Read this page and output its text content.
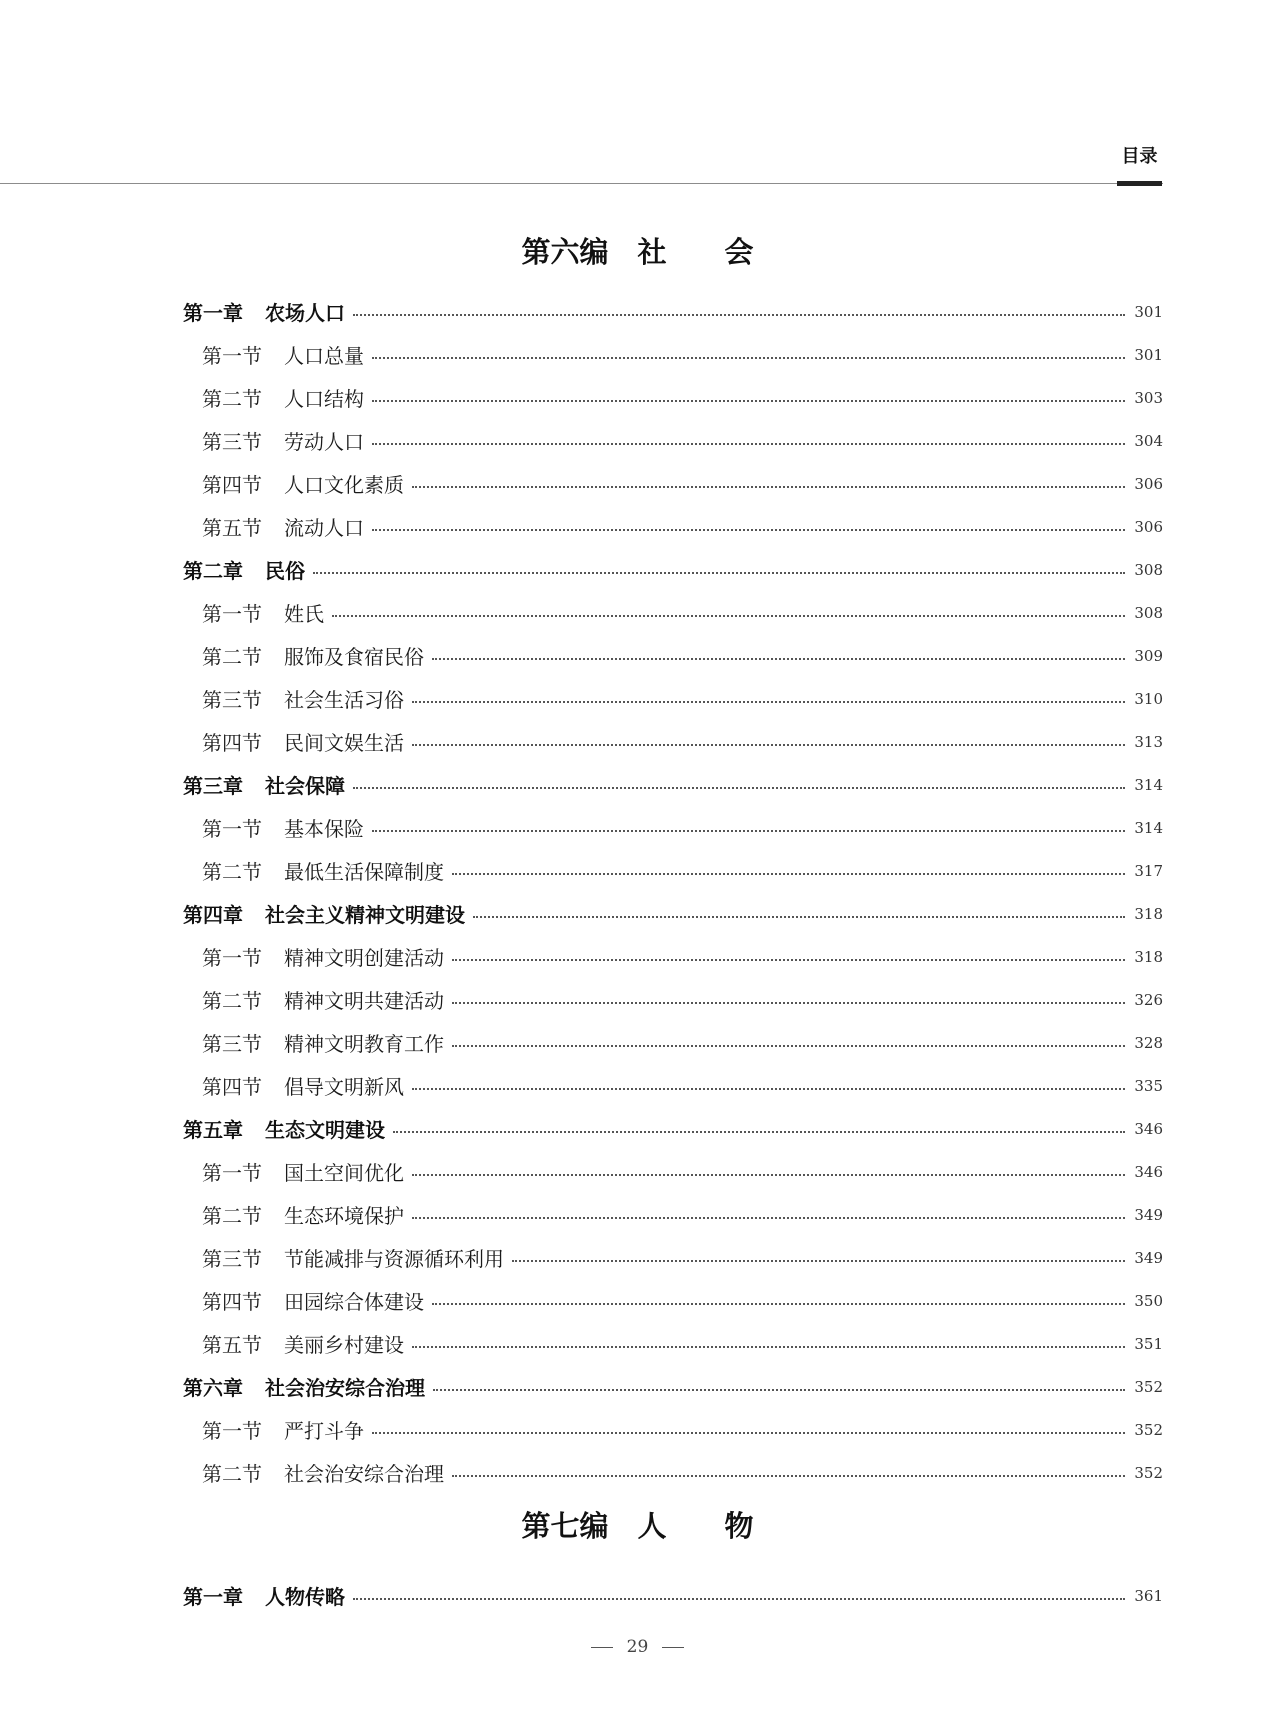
目录
第六编　社　　会
第一章 农场人口	301
第一节 人口总量	301
第二节 人口结构	303
第三节 劳动人口	304
第四节 人口文化素质	306
第五节 流动人口	306
第二章 民俗	308
第一节 姓氏	308
第二节 服饰及食宿民俗	309
第三节 社会生活习俗	310
第四节 民间文娱生活	313
第三章 社会保障	314
第一节 基本保险	314
第二节 最低生活保障制度	317
第四章 社会主义精神文明建设	318
第一节 精神文明创建活动	318
第二节 精神文明共建活动	326
第三节 精神文明教育工作	328
第四节 倡导文明新风	335
第五章 生态文明建设	346
第一节 国土空间优化	346
第二节 生态环境保护	349
第三节 节能减排与资源循环利用	349
第四节 田园综合体建设	350
第五节 美丽乡村建设	351
第六章 社会治安综合治理	352
第一节 严打斗争	352
第二节 社会治安综合治理	352
第七编　人　　物
第一章 人物传略	361
29
